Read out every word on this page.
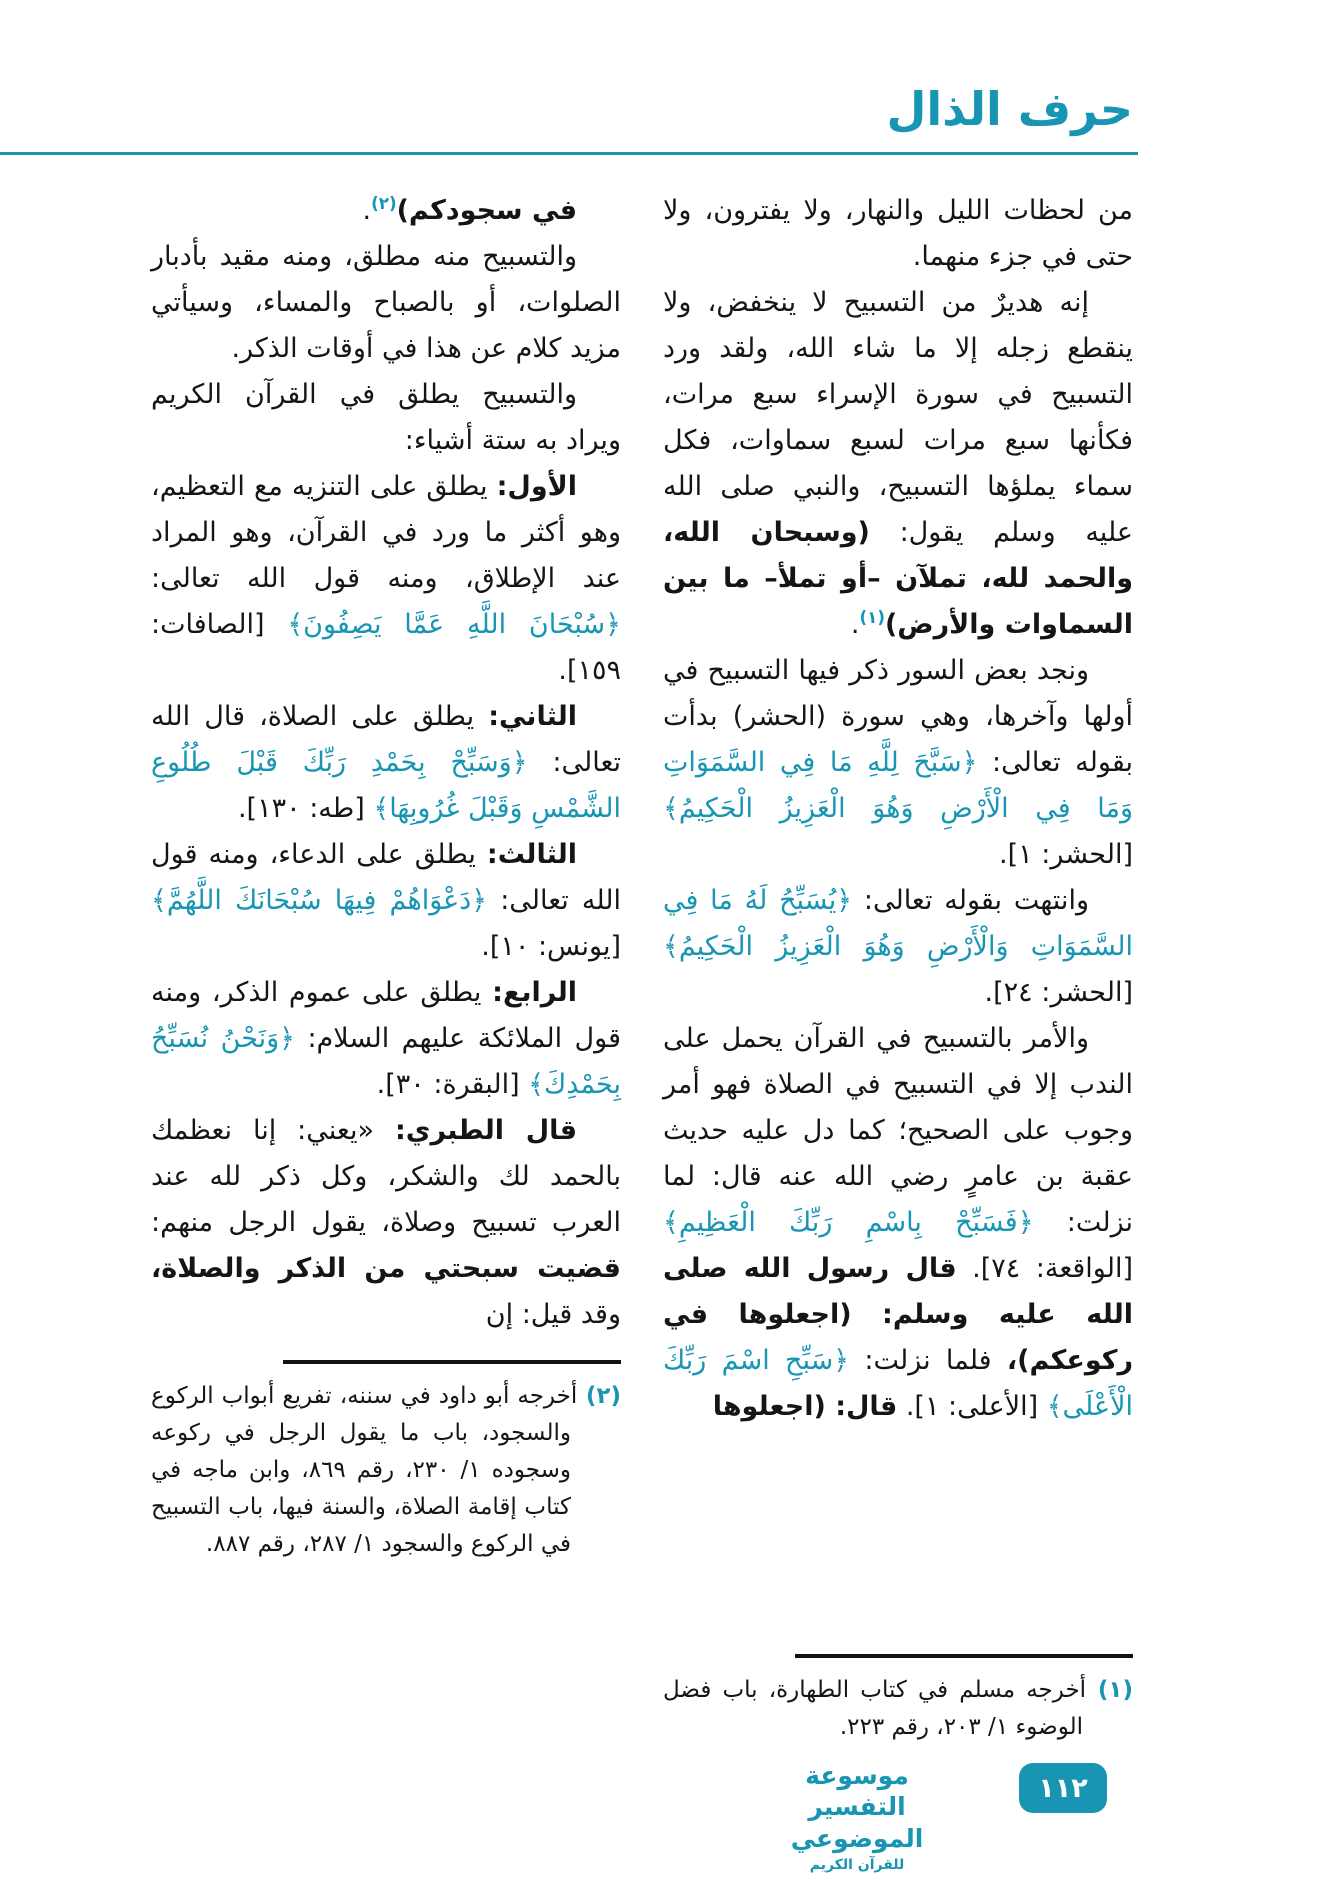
حرف الذال

من لحظات الليل والنهار، ولا يفترون، ولا حتى في جزء منهما.

إنه هديرٌ من التسبيح لا ينخفض، ولا ينقطع زجله إلا ما شاء الله، ولقد ورد التسبيح في سورة الإسراء سبع مرات، فكأنها سبع مرات لسبع سماوات، فكل سماء يملؤها التسبيح، والنبي صلى الله عليه وسلم يقول: (وسبحان الله، والحمد لله، تملآن –أو تملأ– ما بين السماوات والأرض)$^{(١)}$.

ونجد بعض السور ذكر فيها التسبيح في أولها وآخرها، وهي سورة (الحشر) بدأت بقوله تعالى: ﴿سَبَّحَ لِلَّهِ مَا فِي السَّمَوَاتِ وَمَا فِي الْأَرْضِ وَهُوَ الْعَزِيزُ الْحَكِيمُ﴾ [الحشر: ١].

وانتهت بقوله تعالى: ﴿يُسَبِّحُ لَهُ مَا فِي السَّمَوَاتِ وَالْأَرْضِ وَهُوَ الْعَزِيزُ الْحَكِيمُ﴾ [الحشر: ٢٤].

والأمر بالتسبيح في القرآن يحمل على الندب إلا في التسبيح في الصلاة فهو أمر وجوب على الصحيح؛ كما دل عليه حديث عقبة بن عامرٍ رضي الله عنه قال: لما نزلت: ﴿فَسَبِّحْ بِاسْمِ رَبِّكَ الْعَظِيمِ﴾ [الواقعة: ٧٤]. قال رسول الله صلى الله عليه وسلم: (اجعلوها في ركوعكم)، فلما نزلت: ﴿سَبِّحِ اسْمَ رَبِّكَ الْأَعْلَى﴾ [الأعلى: ١]. قال: (اجعلوها

(١) أخرجه مسلم في كتاب الطهارة، باب فضل الوضوء ١/ ٢٠٣، رقم ٢٢٣.

في سجودكم)$^{(٢)}$.

والتسبيح منه مطلق، ومنه مقيد بأدبار الصلوات، أو بالصباح والمساء، وسيأتي مزيد كلام عن هذا في أوقات الذكر.

والتسبيح يطلق في القرآن الكريم ويراد به ستة أشياء:

الأول: يطلق على التنزيه مع التعظيم، وهو أكثر ما ورد في القرآن، وهو المراد عند الإطلاق، ومنه قول الله تعالى: ﴿سُبْحَانَ اللَّهِ عَمَّا يَصِفُونَ﴾ [الصافات: ١٥٩].

الثاني: يطلق على الصلاة، قال الله تعالى: ﴿وَسَبِّحْ بِحَمْدِ رَبِّكَ قَبْلَ طُلُوعِ الشَّمْسِ وَقَبْلَ غُرُوبِهَا﴾ [طه: ١٣٠].

الثالث: يطلق على الدعاء، ومنه قول الله تعالى: ﴿دَعْوَاهُمْ فِيهَا سُبْحَانَكَ اللَّهُمَّ﴾ [يونس: ١٠].

الرابع: يطلق على عموم الذكر، ومنه قول الملائكة عليهم السلام: ﴿وَنَحْنُ نُسَبِّحُ بِحَمْدِكَ﴾ [البقرة: ٣٠].

قال الطبري: «يعني: إنا نعظمك بالحمد لك والشكر، وكل ذكر لله عند العرب تسبيح وصلاة، يقول الرجل منهم: قضيت سبحتي من الذكر والصلاة، وقد قيل: إن

(٢) أخرجه أبو داود في سننه، تفريع أبواب الركوع والسجود، باب ما يقول الرجل في ركوعه وسجوده ١/ ٢٣٠، رقم ٨٦٩، وابن ماجه في كتاب إقامة الصلاة، والسنة فيها، باب التسبيح في الركوع والسجود ١/ ٢٨٧، رقم ٨٨٧.

موسوعة التفسير الموضوعي
للقرآن الكريم
١١٢
